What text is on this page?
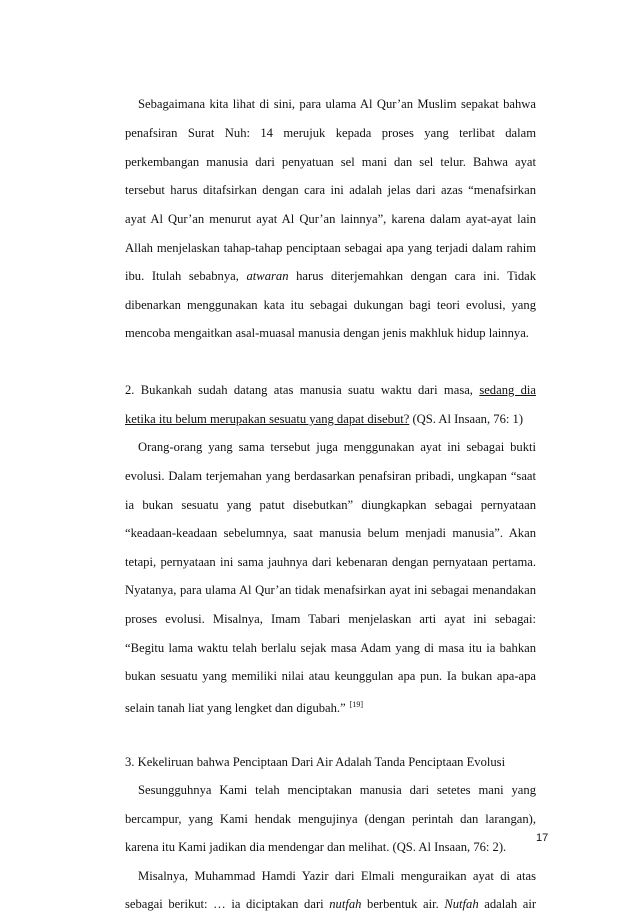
Sebagaimana kita lihat di sini, para ulama Al Qur’an Muslim sepakat bahwa
penafsiran Surat Nuh: 14 merujuk kepada proses yang terlibat dalam
perkembangan manusia dari penyatuan sel mani dan sel telur. Bahwa ayat
tersebut harus ditafsirkan dengan cara ini adalah jelas dari azas “menafsirkan
ayat Al Qur’an menurut ayat Al Qur’an lainnya”, karena dalam ayat-ayat lain
Allah menjelaskan tahap-tahap penciptaan sebagai apa yang terjadi dalam rahim
ibu. Itulah sebabnya, atwaran harus diterjemahkan dengan cara ini. Tidak
dibenarkan menggunakan kata itu sebagai dukungan bagi teori evolusi, yang
mencoba mengaitkan asal-muasal manusia dengan jenis makhluk hidup lainnya.
2. Bukankah sudah datang atas manusia suatu waktu dari masa, sedang dia
ketika itu belum merupakan sesuatu yang dapat disebut? (QS. Al Insaan, 76: 1)
Orang-orang yang sama tersebut juga menggunakan ayat ini sebagai bukti
evolusi. Dalam terjemahan yang berdasarkan penafsiran pribadi, ungkapan “saat
ia bukan sesuatu yang patut disebutkan” diungkapkan sebagai pernyataan
“keadaan-keadaan sebelumnya, saat manusia belum menjadi manusia”. Akan
tetapi, pernyataan ini sama jauhnya dari kebenaran dengan pernyataan pertama.
Nyatanya, para ulama Al Qur’an tidak menafsirkan ayat ini sebagai menandakan
proses evolusi. Misalnya, Imam Tabari menjelaskan arti ayat ini sebagai:
“Begitu lama waktu telah berlalu sejak masa Adam yang di masa itu ia bahkan
bukan sesuatu yang memiliki nilai atau keunggulan apa pun. Ia bukan apa-apa
selain tanah liat yang lengket dan digubah.” [19]
3. Kekeliruan bahwa Penciptaan Dari Air Adalah Tanda Penciptaan Evolusi
Sesungguhnya Kami telah menciptakan manusia dari setetes mani yang
bercampur, yang Kami hendak mengujinya (dengan perintah dan larangan),
karena itu Kami jadikan dia mendengar dan melihat. (QS. Al Insaan, 76: 2).
Misalnya, Muhammad Hamdi Yazir dari Elmali menguraikan ayat di atas
sebagai berikut: … ia diciptakan dari nutfah berbentuk air. Nutfah adalah air
17
